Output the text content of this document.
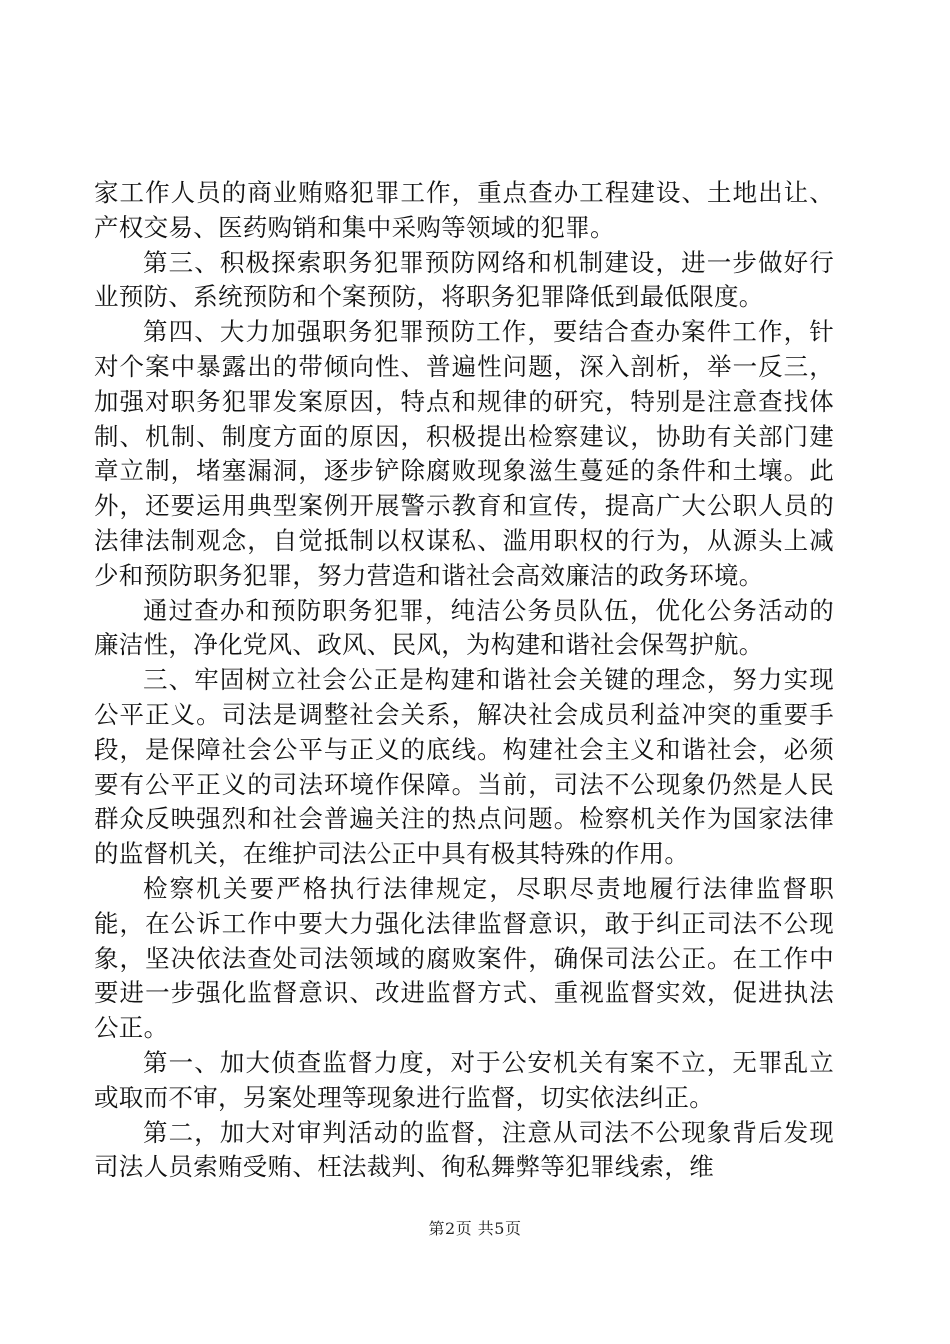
家工作人员的商业贿赂犯罪工作，重点查办工程建设、土地出让、产权交易、医药购销和集中采购等领域的犯罪。

第三、积极探索职务犯罪预防网络和机制建设，进一步做好行业预防、系统预防和个案预防，将职务犯罪降低到最低限度。

第四、大力加强职务犯罪预防工作，要结合查办案件工作，针对个案中暴露出的带倾向性、普遍性问题，深入剖析，举一反三，加强对职务犯罪发案原因，特点和规律的研究，特别是注意查找体制、机制、制度方面的原因，积极提出检察建议，协助有关部门建章立制，堵塞漏洞，逐步铲除腐败现象滋生蔓延的条件和土壤。此外，还要运用典型案例开展警示教育和宣传，提高广大公职人员的法律法制观念，自觉抵制以权谋私、滥用职权的行为，从源头上减少和预防职务犯罪，努力营造和谐社会高效廉洁的政务环境。

通过查办和预防职务犯罪，纯洁公务员队伍，优化公务活动的廉洁性，净化党风、政风、民风，为构建和谐社会保驾护航。

三、牢固树立社会公正是构建和谐社会关键的理念，努力实现公平正义。司法是调整社会关系，解决社会成员利益冲突的重要手段，是保障社会公平与正义的底线。构建社会主义和谐社会，必须要有公平正义的司法环境作保障。当前，司法不公现象仍然是人民群众反映强烈和社会普遍关注的热点问题。检察机关作为国家法律的监督机关，在维护司法公正中具有极其特殊的作用。

检察机关要严格执行法律规定，尽职尽责地履行法律监督职能，在公诉工作中要大力强化法律监督意识，敢于纠正司法不公现象，坚决依法查处司法领域的腐败案件，确保司法公正。在工作中要进一步强化监督意识、改进监督方式、重视监督实效，促进执法公正。

第一、加大侦查监督力度，对于公安机关有案不立，无罪乱立或取而不审，另案处理等现象进行监督，切实依法纠正。

第二，加大对审判活动的监督，注意从司法不公现象背后发现司法人员索贿受贿、枉法裁判、徇私舞弊等犯罪线索，维

第2页 共5页
